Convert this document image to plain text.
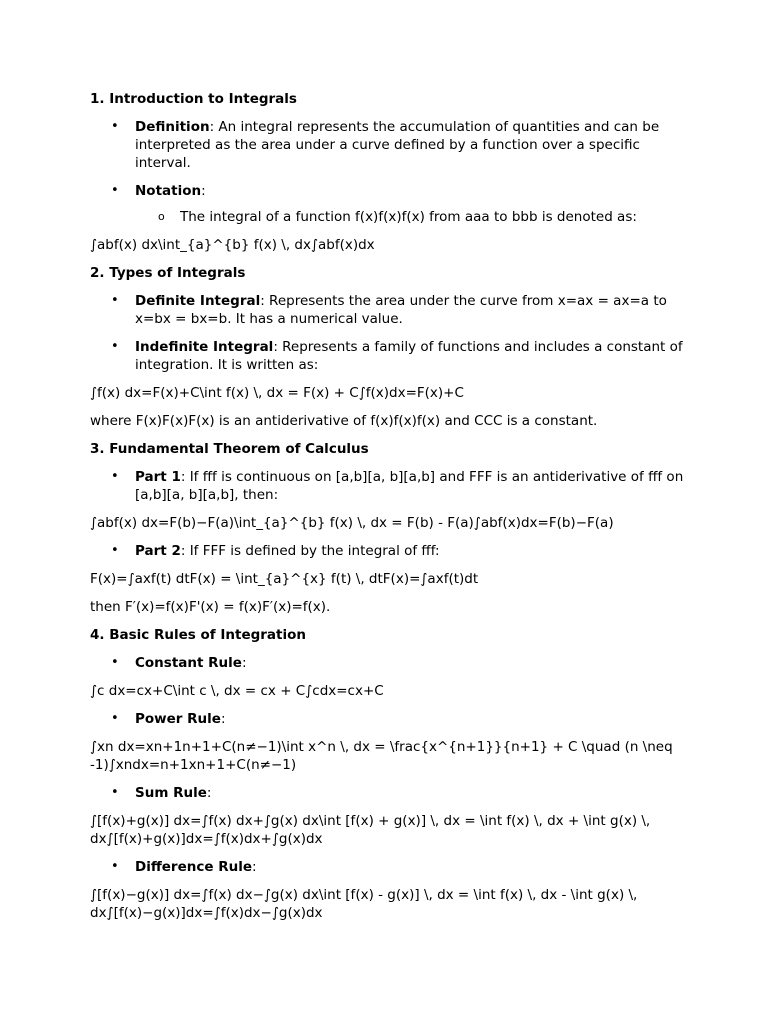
1. Introduction to Integrals
• Definition: An integral represents the accumulation of quantities and can be interpreted as the area under a curve defined by a function over a specific interval.
• Notation:
o The integral of a function f(x)f(x)f(x) from aaa to bbb is denoted as:

∫abf(x) dx\int_{a}^{b} f(x) \, dx∫abf(x)dx

2. Types of Integrals
• Definite Integral: Represents the area under the curve from x=ax = ax=a to x=bx = bx=b. It has a numerical value.
• Indefinite Integral: Represents a family of functions and includes a constant of integration. It is written as:

∫f(x) dx=F(x)+C\int f(x) \, dx = F(x) + C∫f(x)dx=F(x)+C

where F(x)F(x)F(x) is an antiderivative of f(x)f(x)f(x) and CCC is a constant.

3. Fundamental Theorem of Calculus
• Part 1: If fff is continuous on [a,b][a, b][a,b] and FFF is an antiderivative of fff on [a,b][a, b][a,b], then:

∫abf(x) dx=F(b)−F(a)\int_{a}^{b} f(x) \, dx = F(b) - F(a)∫abf(x)dx=F(b)−F(a)

• Part 2: If FFF is defined by the integral of fff:

F(x)=∫axf(t) dtF(x) = \int_{a}^{x} f(t) \, dtF(x)=∫axf(t)dt

then F′(x)=f(x)F'(x) = f(x)F′(x)=f(x).

4. Basic Rules of Integration
• Constant Rule:

∫c dx=cx+C\int c \, dx = cx + C∫cdx=cx+C

• Power Rule:

∫xn dx=xn+1n+1+C(n≠−1)\int x^n \, dx = \frac{x^{n+1}}{n+1} + C \quad (n \neq -1)∫xndx=n+1xn+1+C(n≠−1)

• Sum Rule:

∫[f(x)+g(x)] dx=∫f(x) dx+∫g(x) dx\int [f(x) + g(x)] \, dx = \int f(x) \, dx + \int g(x) \, dx∫[f(x)+g(x)]dx=∫f(x)dx+∫g(x)dx

• Difference Rule:

∫[f(x)−g(x)] dx=∫f(x) dx−∫g(x) dx\int [f(x) - g(x)] \, dx = \int f(x) \, dx - \int g(x) \, dx∫[f(x)−g(x)]dx=∫f(x)dx−∫g(x)dx
